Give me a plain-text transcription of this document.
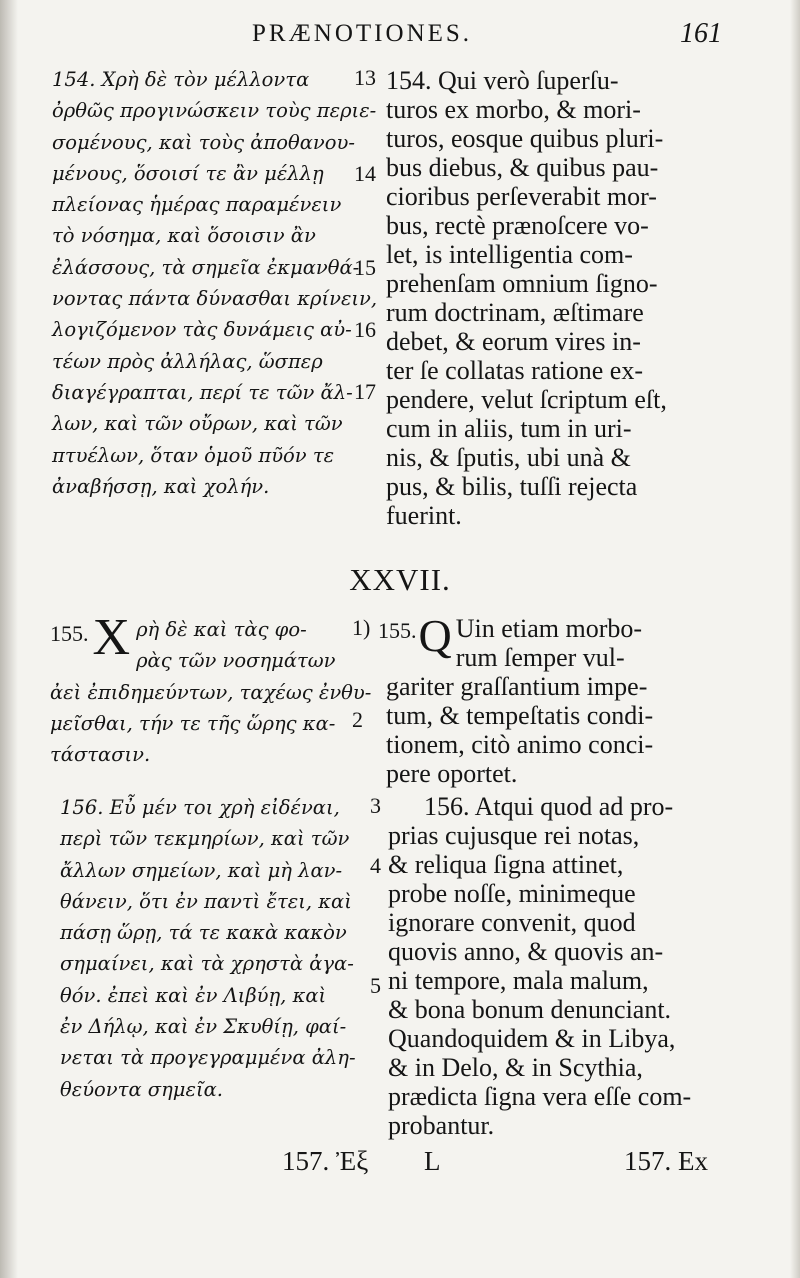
PRÆNOTIONES.	161
154. Χρὴ δὲ τὸν μέλλοντα
ὀρθῶς προγινώσκειν τοὺς περιε-
σομένους, καὶ τοὺς ἀποθανου-
μένους, ὅσοισί τε ἂν μέλλῃ
πλείονας ἡμέρας παραμένειν
τὸ νόσημα, καὶ ὅσοισιν ἂν
ἐλάσσους, τὰ σημεῖα ἐκμανθά-
νοντας πάντα δύνασθαι κρίνειν,
λογιζόμενον τὰς δυνάμεις αὐ-
τέων πρὸς ἀλλήλας, ὥσπερ
διαγέγραπται, περί τε τῶν ἄλ-
λων, καὶ τῶν οὔρων, καὶ τῶν
πτυέλων, ὅταν ὁμοῦ πῦόν τε
ἀναβήσσῃ, καὶ χολήν.
13
14
15
16
17
154. Qui verò ſuperſu-
turos ex morbo, & mori-
turos, eosque quibus pluri-
bus diebus, & quibus pau-
cioribus perſeverabit mor-
bus, rectè prænoſcere vo-
let, is intelligentia com-
prehenſam omnium ſigno-
rum doctrinam, æſtimare
debet, & eorum vires in-
ter ſe collatas ratione ex-
pendere, velut ſcriptum eſt,
cum in aliis, tum in uri-
nis, & ſputis, ubi unà &
pus, & bilis, tuſſi rejecta
fuerint.
XXVII.
155. Χ ρὴ δὲ καὶ τὰς φο-
ρὰς τῶν νοσημάτων
ἀεὶ ἐπιδημεύντων, ταχέως ἐνθυ-
μεῖσθαι, τήν τε τῆς ὥρης κα-
τάστασιν.
1)
2
155. Q Uin etiam morbo-
rum ſemper vul-
gariter graſſantium impe-
tum, & tempeſtatis condi-
tionem, citò animo conci-
pere oportet.
156. Εὖ μέν τοι χρὴ εἰδέναι,
περὶ τῶν τεκμηρίων, καὶ τῶν
ἄλλων σημείων, καὶ μὴ λαν-
θάνειν, ὅτι ἐν παντὶ ἔτει, καὶ
πάσῃ ὥρῃ, τά τε κακὰ κακὸν
σημαίνει, καὶ τὰ χρηστὰ ἀγα-
θόν. ἐπεὶ καὶ ἐν Λιβύῃ, καὶ
ἐν Δήλῳ, καὶ ἐν Σκυθίῃ, φαί-
νεται τὰ προγεγραμμένα ἀλη-
θεύοντα σημεῖα.
3
4
5
156. Atqui quod ad pro-
prias cujusque rei notas,
& reliqua ſigna attinet,
probe noſſe, minimeque
ignorare convenit, quod
quovis anno, & quovis an-
ni tempore, mala malum,
& bona bonum denunciant.
Quandoquidem & in Libya,
& in Delo, & in Scythia,
prædicta ſigna vera eſſe com-
probantur.
157. Ἐξ L	157. Ex
